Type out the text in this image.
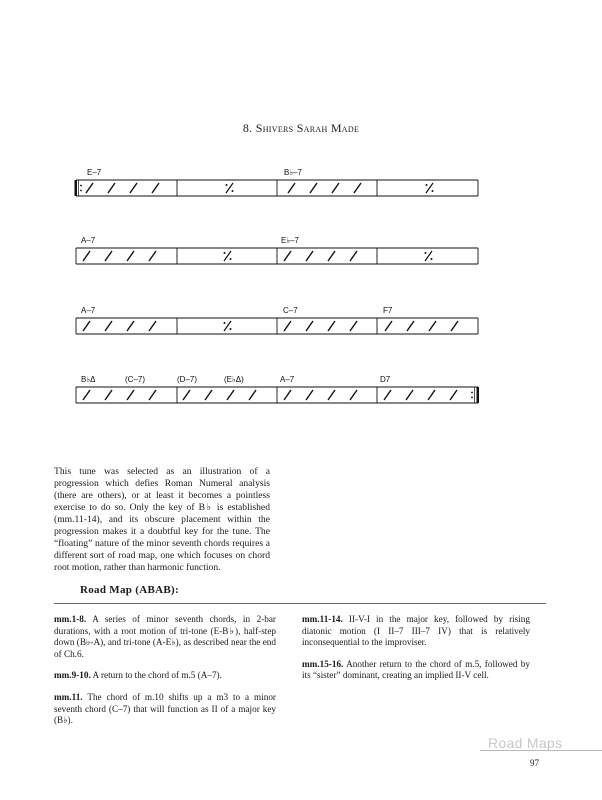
8. Shivers Sarah Made
E–7	B♭–7
A–7	E♭–7
A–7	C–7	F7
B♭Δ	(C–7)	(D–7)	(E♭Δ)	A–7	D7
This tune was selected as an illustration of a progression which defies Roman Numeral analysis (there are others), or at least it becomes a pointless exercise to do so. Only the key of B♭ is established (mm.11-14), and its obscure placement within the progression makes it a doubtful key for the tune. The “floating” nature of the minor seventh chords requires a different sort of road map, one which focuses on chord root motion, rather than harmonic function.
Road Map (ABAB):

mm.1-8. A series of minor seventh chords, in 2-bar durations, with a root motion of tri-tone (E-B♭), half-step down (B♭-A), and tri-tone (A-E♭), as described near the end of Ch.6.

mm.9-10. A return to the chord of m.5 (A–7).

mm.11. The chord of m.10 shifts up a m3 to a minor seventh chord (C–7) that will function as II of a major key (B♭).

mm.11-14. II-V-I in the major key, followed by rising diatonic motion (I II–7 III–7 IV) that is relatively inconsequential to the improviser.

mm.15-16. Another return to the chord of m.5, followed by its “sister” dominant, creating an implied II-V cell.

Road Maps
97
